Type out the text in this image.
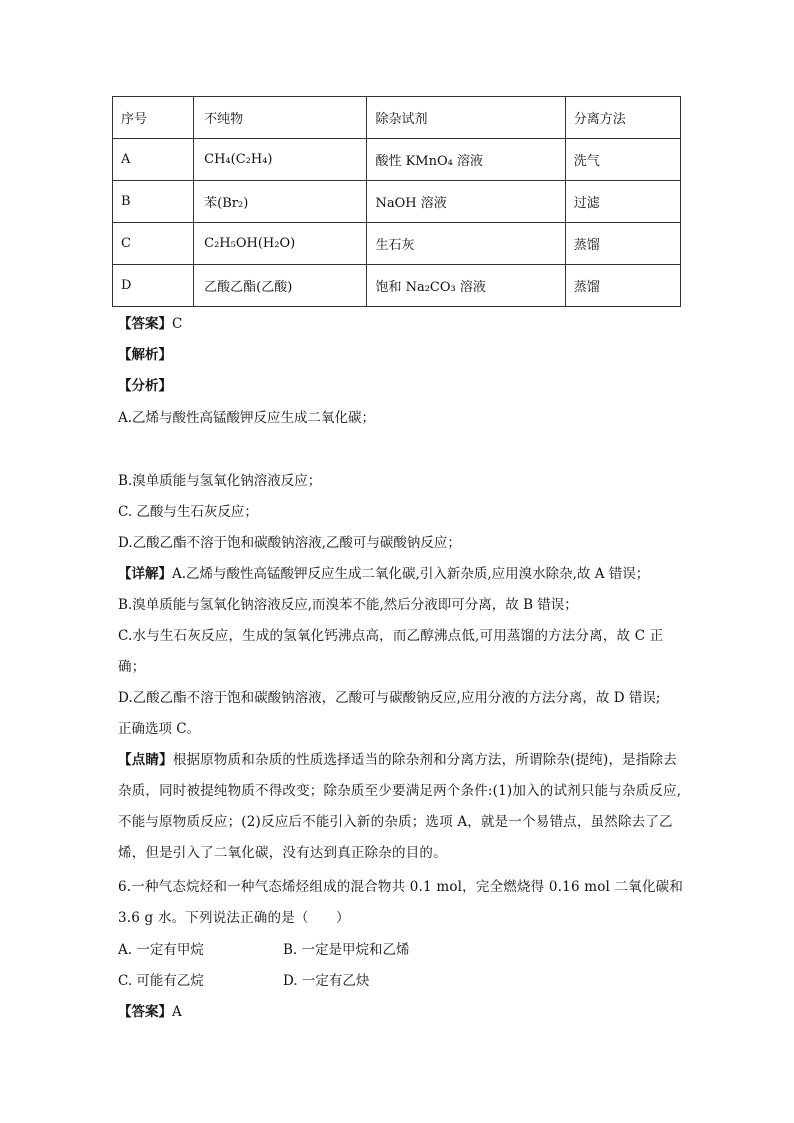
序号	不纯物	除杂试剂	分离方法
A	CH₄(C₂H₄)	酸性 KMnO₄ 溶液	洗气
B	苯(Br₂)	NaOH 溶液	过滤
C	C₂H₅OH(H₂O)	生石灰	蒸馏
D	乙酸乙酯(乙酸)	饱和 Na₂CO₃ 溶液	蒸馏
【答案】C
【解析】
【分析】
A.乙烯与酸性高锰酸钾反应生成二氧化碳；
B.溴单质能与氢氧化钠溶液反应；
C. 乙酸与生石灰反应；
D.乙酸乙酯不溶于饱和碳酸钠溶液,乙酸可与碳酸钠反应；
【详解】A.乙烯与酸性高锰酸钾反应生成二氧化碳,引入新杂质,应用溴水除杂,故 A 错误；
B.溴单质能与氢氧化钠溶液反应,而溴苯不能,然后分液即可分离，故 B 错误；
C.水与生石灰反应，生成的氢氧化钙沸点高，而乙醇沸点低,可用蒸馏的方法分离，故 C 正确；
D.乙酸乙酯不溶于饱和碳酸钠溶液，乙酸可与碳酸钠反应,应用分液的方法分离，故 D 错误;
正确选项 C。
【点睛】根据原物质和杂质的性质选择适当的除杂剂和分离方法，所谓除杂(提纯)，是指除去杂质，同时被提纯物质不得改变；除杂质至少要满足两个条件:(1)加入的试剂只能与杂质反应,不能与原物质反应；(2)反应后不能引入新的杂质；选项 A，就是一个易错点，虽然除去了乙烯，但是引入了二氧化碳，没有达到真正除杂的目的。
6.一种气态烷烃和一种气态烯烃组成的混合物共 0.1 mol，完全燃烧得 0.16 mol 二氧化碳和 3.6 g 水。下列说法正确的是（　　）
A. 一定有甲烷	B. 一定是甲烷和乙烯
C. 可能有乙烷	D. 一定有乙炔
【答案】A
